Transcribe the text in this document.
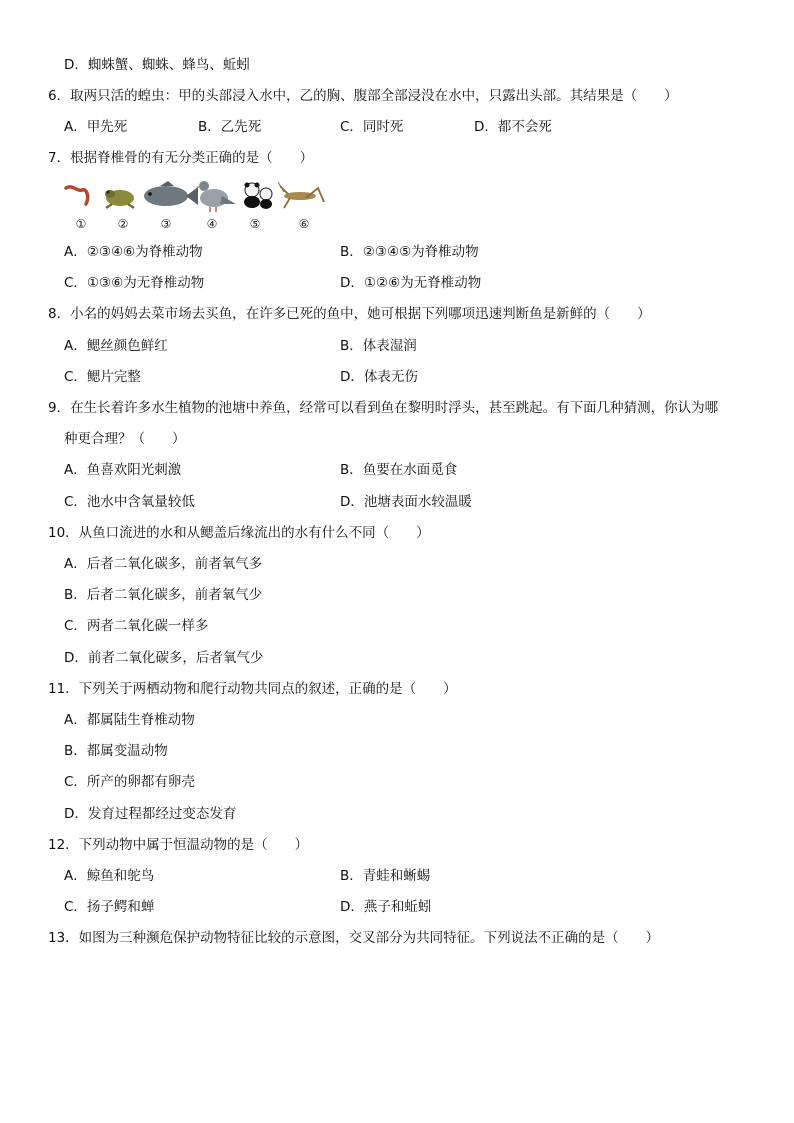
D．蜘蛛蟹、蜘蛛、蜂鸟、蚯蚓
6．取两只活的蝗虫：甲的头部浸入水中，乙的胸、腹部全部浸没在水中，只露出头部。其结果是（　　）
A．甲先死	B．乙先死	C．同时死	D．都不会死
7．根据脊椎骨的有无分类正确的是（　　）
①	②	③	④	⑤	⑥
A．②③④⑥为脊椎动物	B．②③④⑤为脊椎动物
C．①③⑥为无脊椎动物	D．①②⑥为无脊椎动物
8．小名的妈妈去菜市场去买鱼，在许多已死的鱼中，她可根据下列哪项迅速判断鱼是新鲜的（　　）
A．鳃丝颜色鲜红	B．体表湿润
C．鳃片完整	D．体表无伤
9．在生长着许多水生植物的池塘中养鱼，经常可以看到鱼在黎明时浮头，甚至跳起。有下面几种猜测，你认为哪
种更合理？（　　）
A．鱼喜欢阳光刺激	B．鱼要在水面觅食
C．池水中含氧量较低	D．池塘表面水较温暖
10．从鱼口流进的水和从鳃盖后缘流出的水有什么不同（　　）
A．后者二氧化碳多，前者氧气多
B．后者二氧化碳多，前者氧气少
C．两者二氧化碳一样多
D．前者二氧化碳多，后者氧气少
11．下列关于两栖动物和爬行动物共同点的叙述，正确的是（　　）
A．都属陆生脊椎动物
B．都属变温动物
C．所产的卵都有卵壳
D．发育过程都经过变态发育
12．下列动物中属于恒温动物的是（　　）
A．鲸鱼和鸵鸟	B．青蛙和蜥蜴
C．扬子鳄和蝉	D．燕子和蚯蚓
13．如图为三种濒危保护动物特征比较的示意图，交叉部分为共同特征。下列说法不正确的是（　　）
